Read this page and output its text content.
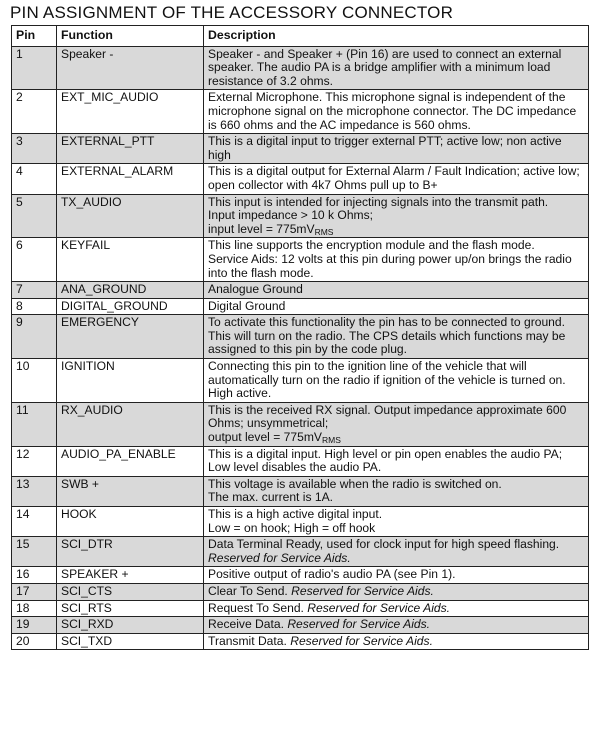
PIN ASSIGNMENT OF THE ACCESSORY CONNECTOR
Pin	Function	Description
1	Speaker -	Speaker - and Speaker + (Pin 16) are used to connect an external speaker. The audio PA is a bridge amplifier with a minimum load resistance of 3.2 ohms.

2	EXT_MIC_AUDIO	External Microphone. This microphone signal is independent of the microphone signal on the microphone connector. The DC impedance is 660 ohms and the AC impedance is 560 ohms.

3	EXTERNAL_PTT	This is a digital input to trigger external PTT; active low; non active high

4	EXTERNAL_ALARM	This is a digital output for External Alarm / Fault Indication; active low; open collector with 4k7 Ohms pull up to B+

5	TX_AUDIO	This input is intended for injecting signals into the transmit path.
Input impedance > 10 k Ohms;
input level = $775mV_{RMS}$

6	KEYFAIL	This line supports the encryption module and the flash mode.
Service Aids: 12 volts at this pin during power up/on brings the radio into the flash mode.

7	ANA_GROUND	Analogue Ground

8	DIGITAL_GROUND	Digital Ground

9	EMERGENCY	To activate this functionality the pin has to be connected to ground. This will turn on the radio. The CPS details which functions may be assigned to this pin by the code plug.

10	IGNITION	Connecting this pin to the ignition line of the vehicle that will automatically turn on the radio if ignition of the vehicle is turned on. High active.

11	RX_AUDIO	This is the received RX signal. Output impedance approximate 600 Ohms; unsymmetrical;
output level = $775mV_{RMS}$

12	AUDIO_PA_ENABLE	This is a digital input. High level or pin open enables the audio PA; Low level disables the audio PA.

13	SWB +	This voltage is available when the radio is switched on.
The max. current is 1A.

14	HOOK	This is a high active digital input.
Low = on hook; High = off hook

15	SCI_DTR	Data Terminal Ready, used for clock input for high speed flashing.
Reserved for Service Aids.

16	SPEAKER +	Positive output of radio's audio PA (see Pin 1).

17	SCI_CTS	Clear To Send. Reserved for Service Aids.

18	SCI_RTS	Request To Send. Reserved for Service Aids.

19	SCI_RXD	Receive Data. Reserved for Service Aids.

20	SCI_TXD	Transmit Data. Reserved for Service Aids.
